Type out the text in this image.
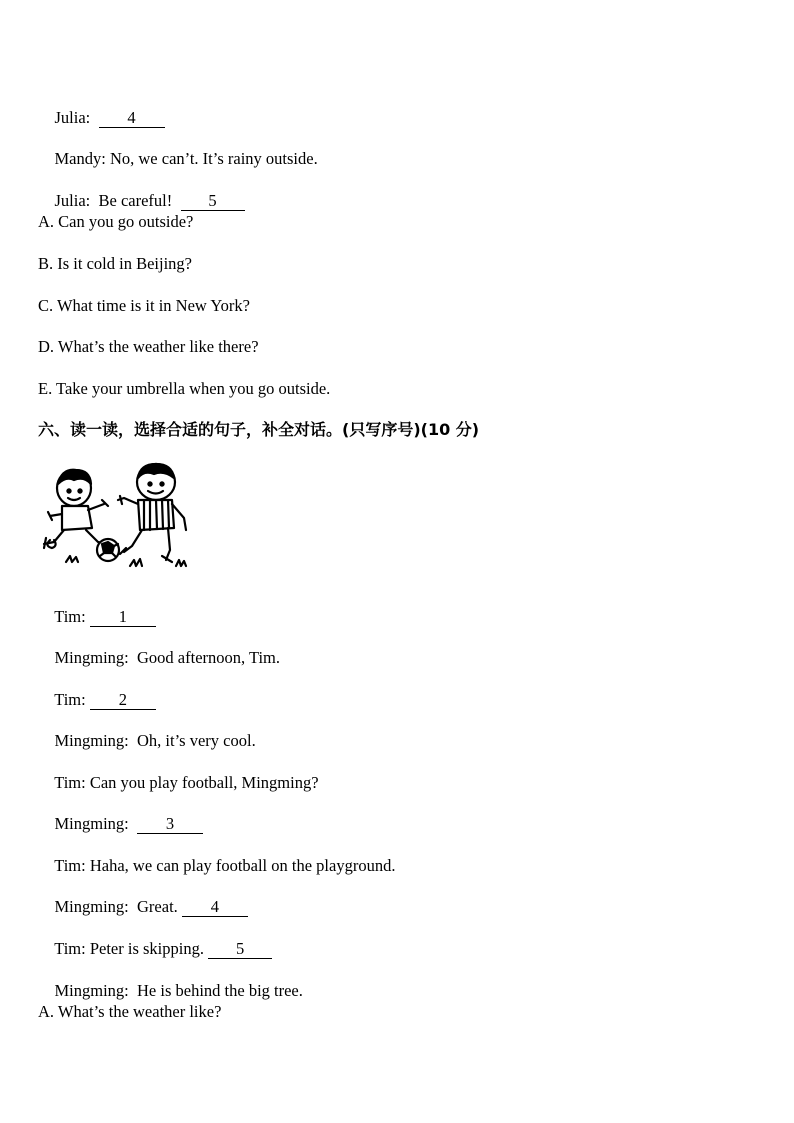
Julia: 4

Mandy: No, we can’t. It’s rainy outside.

Julia: Be careful! 5

A. Can you go outside?
B. Is it cold in Beijing?
C. What time is it in New York?
D. What’s the weather like there?
E. Take your umbrella when you go outside.
六、读一读，选择合适的句子，补全对话。(只写序号)(10 分)

Tim: 1

Mingming: Good afternoon, Tim.

Tim: 2

Mingming: Oh, it’s very cool.

Tim: Can you play football, Mingming?

Mingming: 3

Tim: Haha, we can play football on the playground.

Mingming: Great. 4

Tim: Peter is skipping. 5

Mingming: He is behind the big tree.

A. What’s the weather like?
